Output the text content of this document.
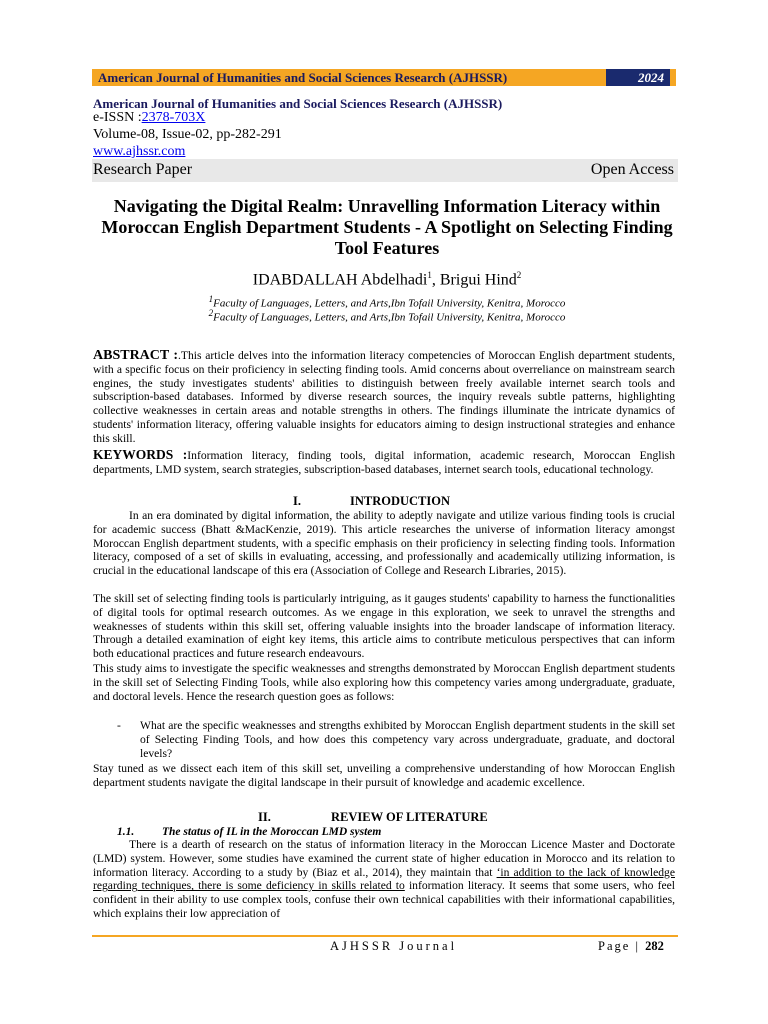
American Journal of Humanities and Social Sciences Research (AJHSSR)	2024
American Journal of Humanities and Social Sciences Research (AJHSSR)
e-ISSN :2378-703X
Volume-08, Issue-02, pp-282-291
www.ajhssr.com
Research Paper	Open Access
Navigating the Digital Realm: Unravelling Information Literacy within Moroccan English Department Students - A Spotlight on Selecting Finding Tool Features
IDABDALLAH Abdelhadi$^1$, Brigui Hind$^2$
$^1$Faculty of Languages, Letters, and Arts,Ibn Tofail University, Kenitra, Morocco
$^2$Faculty of Languages, Letters, and Arts,Ibn Tofail University, Kenitra, Morocco
ABSTRACT :.This article delves into the information literacy competencies of Moroccan English department students, with a specific focus on their proficiency in selecting finding tools. Amid concerns about overreliance on mainstream search engines, the study investigates students' abilities to distinguish between freely available internet search tools and subscription-based databases. Informed by diverse research sources, the inquiry reveals subtle patterns, highlighting collective weaknesses in certain areas and notable strengths in others. The findings illuminate the intricate dynamics of students' information literacy, offering valuable insights for educators aiming to design instructional strategies and enhance this skill.
KEYWORDS :Information literacy, finding tools, digital information, academic research, Moroccan English departments, LMD system, search strategies, subscription-based databases, internet search tools, educational technology.
I.	INTRODUCTION
In an era dominated by digital information, the ability to adeptly navigate and utilize various finding tools is crucial for academic success (Bhatt &MacKenzie, 2019). This article researches the universe of information literacy amongst Moroccan English department students, with a specific emphasis on their proficiency in selecting finding tools. Information literacy, composed of a set of skills in evaluating, accessing, and professionally and academically utilizing information, is crucial in the educational landscape of this era (Association of College and Research Libraries, 2015).
The skill set of selecting finding tools is particularly intriguing, as it gauges students' capability to harness the functionalities of digital tools for optimal research outcomes. As we engage in this exploration, we seek to unravel the strengths and weaknesses of students within this skill set, offering valuable insights into the broader landscape of information literacy. Through a detailed examination of eight key items, this article aims to contribute meticulous perspectives that can inform both educational practices and future research endeavours.
This study aims to investigate the specific weaknesses and strengths demonstrated by Moroccan English department students in the skill set of Selecting Finding Tools, while also exploring how this competency varies among undergraduate, graduate, and doctoral levels. Hence the research question goes as follows:
-	What are the specific weaknesses and strengths exhibited by Moroccan English department students in the skill set of Selecting Finding Tools, and how does this competency vary across undergraduate, graduate, and doctoral levels?
Stay tuned as we dissect each item of this skill set, unveiling a comprehensive understanding of how Moroccan English department students navigate the digital landscape in their pursuit of knowledge and academic excellence.
II.	REVIEW OF LITERATURE
1.1. The status of IL in the Moroccan LMD system
There is a dearth of research on the status of information literacy in the Moroccan Licence Master and Doctorate (LMD) system. However, some studies have examined the current state of higher education in Morocco and its relation to information literacy. According to a study by (Biaz et al., 2014), they maintain that ‘in addition to the lack of knowledge regarding techniques, there is some deficiency in skills related to information literacy. It seems that some users, who feel confident in their ability to use complex tools, confuse their own technical capabilities with their informational capabilities, which explains their low appreciation of
AJHSSR Journal	Page | 282
